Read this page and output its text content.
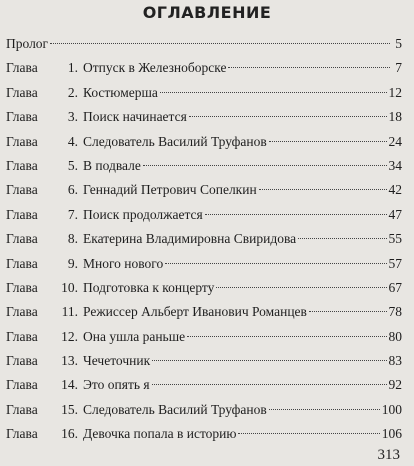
ОГЛАВЛЕНИЕ
Пролог	5
Глава	1. Отпуск в Железноборске	7
Глава	2. Костюмерша	12
Глава	3. Поиск начинается	18
Глава	4. Следователь Василий Труфанов	24
Глава	5. В подвале	34
Глава	6. Геннадий Петрович Сопелкин	42
Глава	7. Поиск продолжается	47
Глава	8. Екатерина Владимировна Свиридова	55
Глава	9. Много нового	57
Глава	10. Подготовка к концерту	67
Глава	11. Режиссер Альберт Иванович Романцев	78
Глава	12. Она ушла раньше	80
Глава	13. Чечеточник	83
Глава	14. Это опять я	92
Глава	15. Следователь Василий Труфанов	100
Глава	16. Девочка попала в историю	106
313
